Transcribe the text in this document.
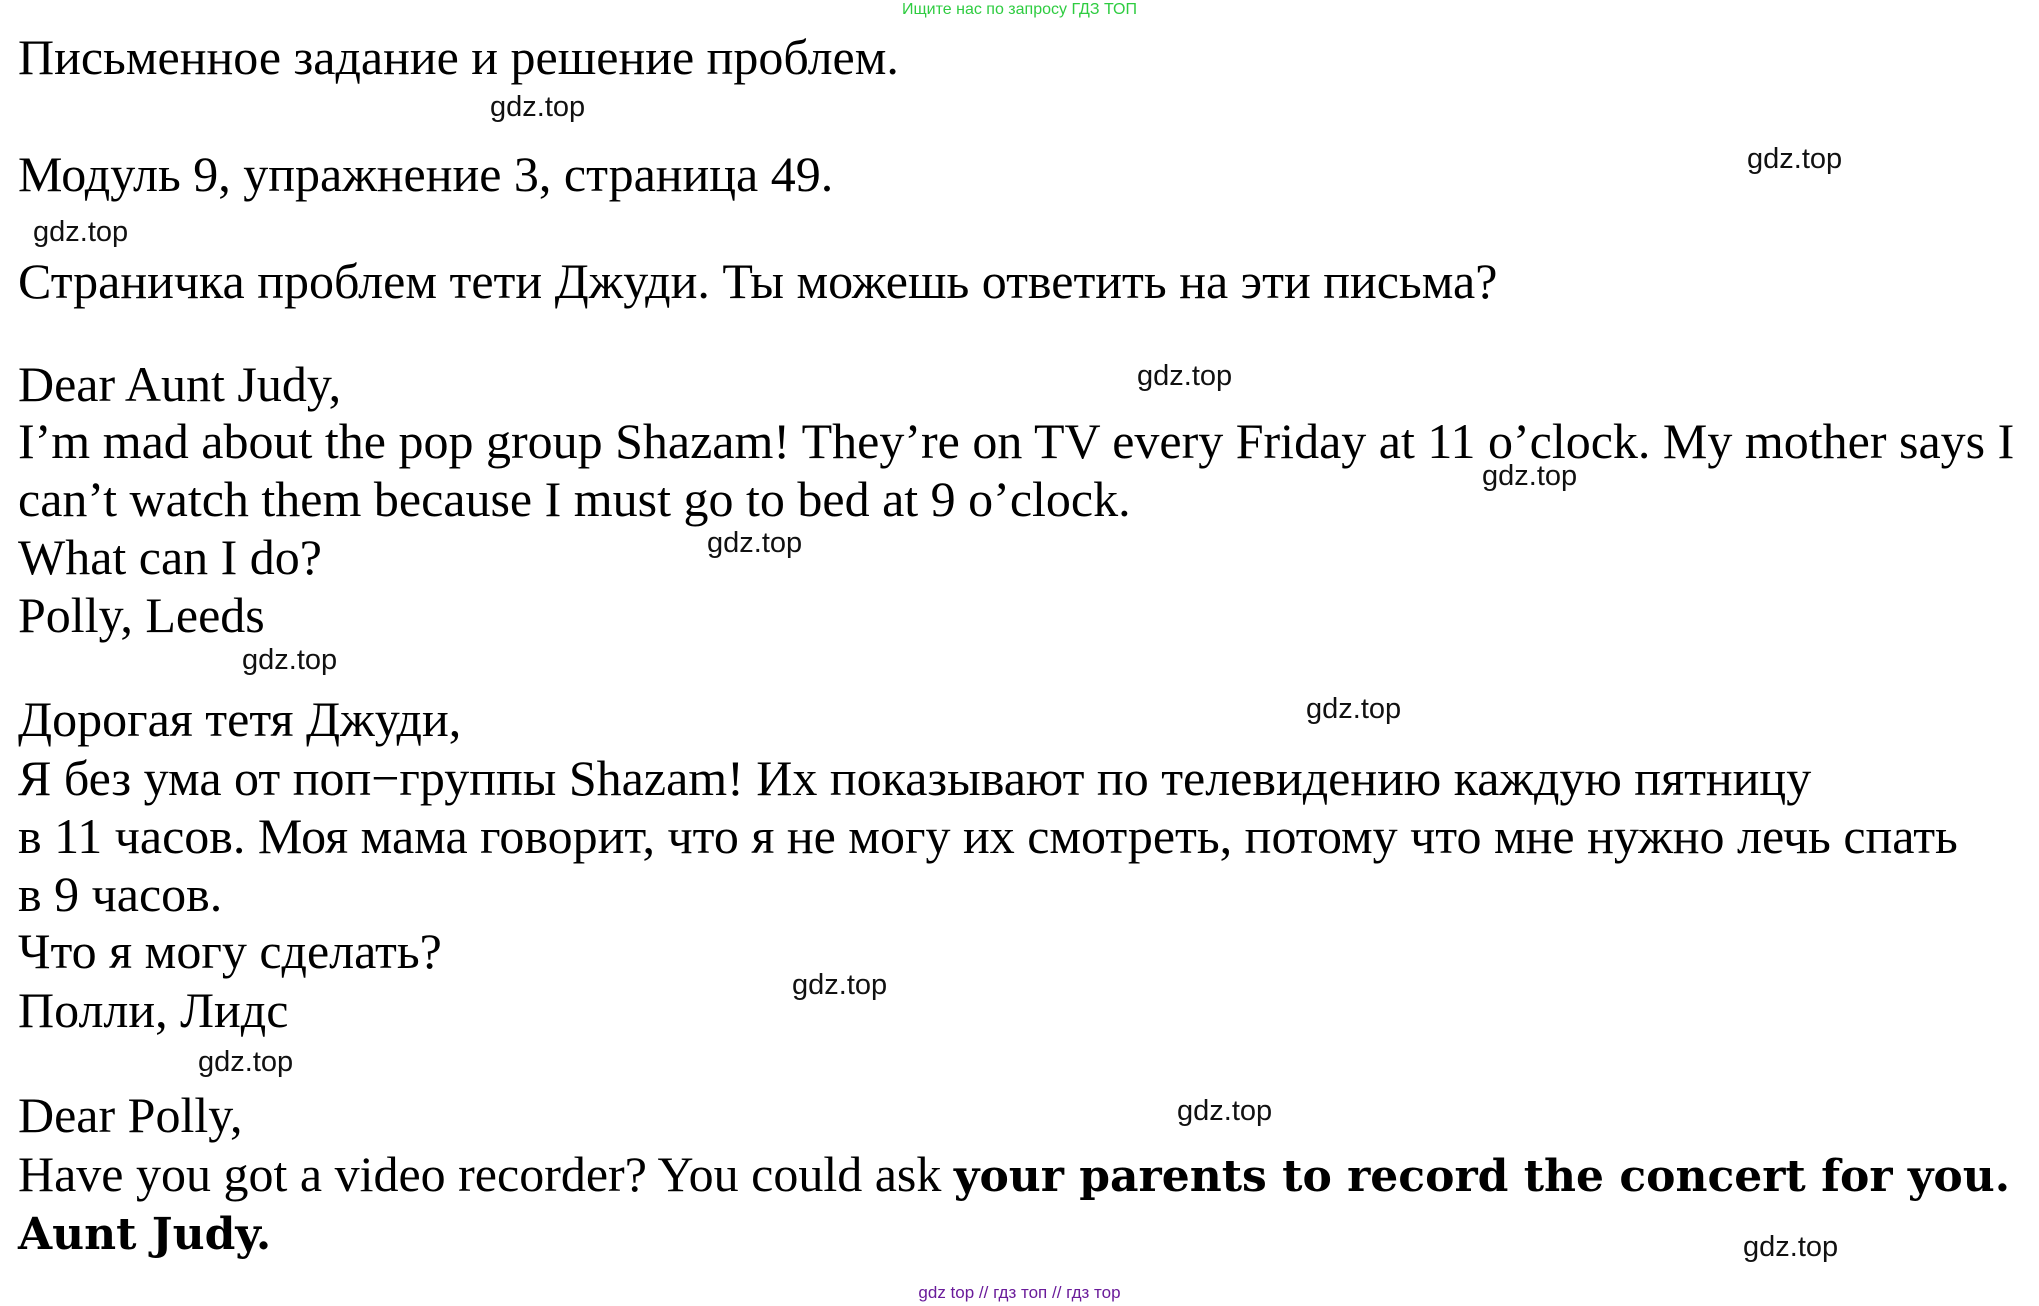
Ищите нас по запросу ГДЗ ТОП
Письменное задание и решение проблем.
Модуль 9, упражнение 3, страница 49.
Страничка проблем тети Джуди. Ты можешь ответить на эти письма?
Dear Aunt Judy,
I’m mad about the pop group Shazam! They’re on TV every Friday at 11 o’clock. My mother says I
can’t watch them because I must go to bed at 9 o’clock.
What can I do?
Polly, Leeds
Дорогая тетя Джуди,
Я без ума от поп−группы Shazam! Их показывают по телевидению каждую пятницу
в 11 часов. Моя мама говорит, что я не могу их смотреть, потому что мне нужно лечь спать
в 9 часов.
Что я могу сделать?
Полли, Лидс
Dear Polly,
Have you got a video recorder? You could ask your parents to record the concert for you.
Aunt Judy.
gdz.top
gdz.top
gdz.top
gdz.top
gdz.top
gdz.top
gdz.top
gdz.top
gdz.top
gdz.top
gdz.top
gdz.top
gdz top // гдз топ // гдз тор
